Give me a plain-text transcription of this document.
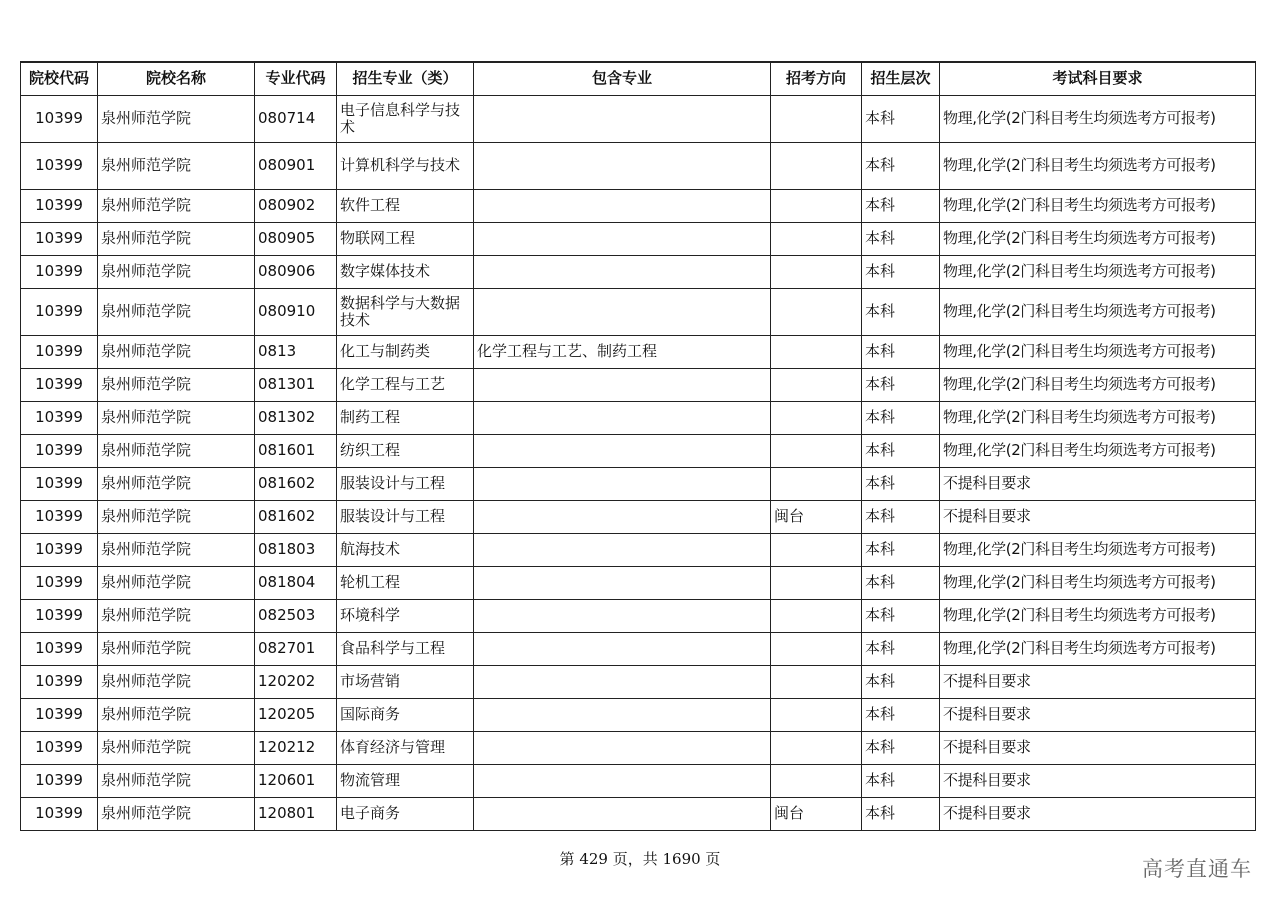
院校代码	院校名称	专业代码	招生专业（类）	包含专业	招考方向	招生层次	考试科目要求
10399	泉州师范学院	080714	电子信息科学与技术			本科	物理,化学(2门科目考生均须选考方可报考)
10399	泉州师范学院	080901	计算机科学与技术			本科	物理,化学(2门科目考生均须选考方可报考)
10399	泉州师范学院	080902	软件工程			本科	物理,化学(2门科目考生均须选考方可报考)
10399	泉州师范学院	080905	物联网工程			本科	物理,化学(2门科目考生均须选考方可报考)
10399	泉州师范学院	080906	数字媒体技术			本科	物理,化学(2门科目考生均须选考方可报考)
10399	泉州师范学院	080910	数据科学与大数据技术			本科	物理,化学(2门科目考生均须选考方可报考)
10399	泉州师范学院	0813	化工与制药类	化学工程与工艺、制药工程		本科	物理,化学(2门科目考生均须选考方可报考)
10399	泉州师范学院	081301	化学工程与工艺			本科	物理,化学(2门科目考生均须选考方可报考)
10399	泉州师范学院	081302	制药工程			本科	物理,化学(2门科目考生均须选考方可报考)
10399	泉州师范学院	081601	纺织工程			本科	物理,化学(2门科目考生均须选考方可报考)
10399	泉州师范学院	081602	服装设计与工程			本科	不提科目要求
10399	泉州师范学院	081602	服装设计与工程		闽台	本科	不提科目要求
10399	泉州师范学院	081803	航海技术			本科	物理,化学(2门科目考生均须选考方可报考)
10399	泉州师范学院	081804	轮机工程			本科	物理,化学(2门科目考生均须选考方可报考)
10399	泉州师范学院	082503	环境科学			本科	物理,化学(2门科目考生均须选考方可报考)
10399	泉州师范学院	082701	食品科学与工程			本科	物理,化学(2门科目考生均须选考方可报考)
10399	泉州师范学院	120202	市场营销			本科	不提科目要求
10399	泉州师范学院	120205	国际商务			本科	不提科目要求
10399	泉州师范学院	120212	体育经济与管理			本科	不提科目要求
10399	泉州师范学院	120601	物流管理			本科	不提科目要求
10399	泉州师范学院	120801	电子商务		闽台	本科	不提科目要求
第 429 页，共 1690 页	高考直通车
